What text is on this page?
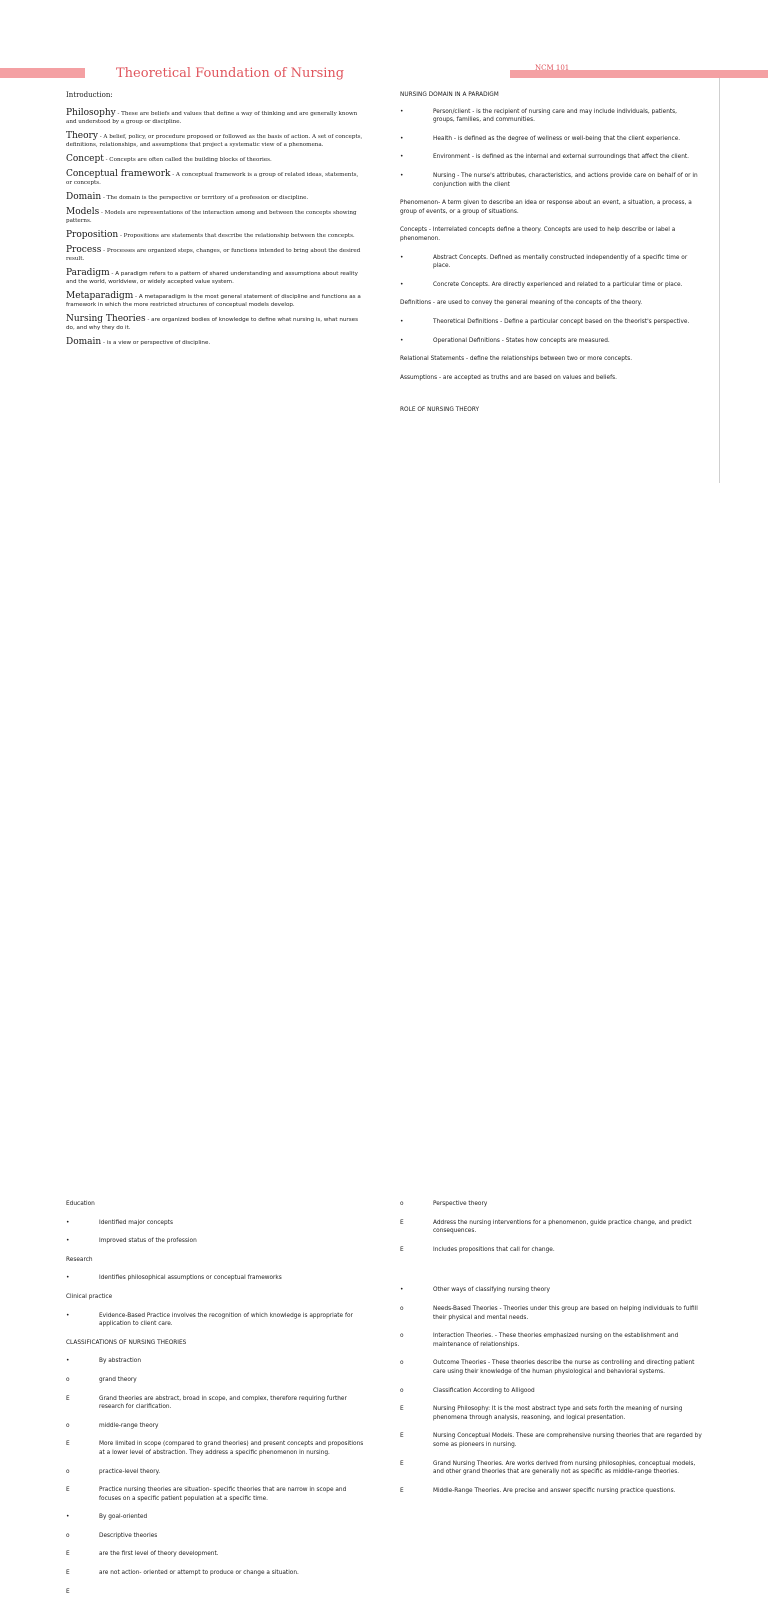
Theoretical Foundation of Nursing	NCM 101

Introduction:

Philosophy - These are beliefs and values that define a way of thinking and are generally known and understood by a group or discipline.

Theory - A belief, policy, or procedure proposed or followed as the basis of action. A set of concepts, definitions, relationships, and assumptions that project a systematic view of a phenomena.

Concept - Concepts are often called the building blocks of theories.

Conceptual framework - A conceptual framework is a group of related ideas, statements, or concepts.

Domain - The domain is the perspective or territory of a profession or discipline.

Models - Models are representations of the interaction among and between the concepts showing patterns.

Proposition - Propositions are statements that describe the relationship between the concepts.

Process - Processes are organized steps, changes, or functions intended to bring about the desired result.

Paradigm - A paradigm refers to a pattern of shared understanding and assumptions about reality and the world, worldview, or widely accepted value system.

Metaparadigm - A metaparadigm is the most general statement of discipline and functions as a framework in which the more restricted structures of conceptual models develop.

Nursing Theories - are organized bodies of knowledge to define what nursing is, what nurses do, and why they do it.

Domain - is a view or perspective of discipline.

NURSING DOMAIN IN A PARADIGM

•	Person/client - is the recipient of nursing care and may include individuals, patients, groups, families, and communities.
•	Health - is defined as the degree of wellness or well-being that the client experience.
•	Environment - is defined as the internal and external surroundings that affect the client.
•	Nursing - The nurse's attributes, characteristics, and actions provide care on behalf of or in conjunction with the client

Phenomenon- A term given to describe an idea or response about an event, a situation, a process, a group of events, or a group of situations.

Concepts - Interrelated concepts define a theory. Concepts are used to help describe or label a phenomenon.

•	Abstract Concepts. Defined as mentally constructed independently of a specific time or place.
•	Concrete Concepts. Are directly experienced and related to a particular time or place.

Definitions - are used to convey the general meaning of the concepts of the theory.

•	Theoretical Definitions - Define a particular concept based on the theorist's perspective.
•	Operational Definitions - States how concepts are measured.

Relational Statements - define the relationships between two or more concepts.

Assumptions - are accepted as truths and are based on values and beliefs.

ROLE OF NURSING THEORY

Education
•	Identified major concepts
•	Improved status of the profession
Research
•	Identifies philosophical assumptions or conceptual frameworks
Clinical practice
•	Evidence-Based Practice involves the recognition of which knowledge is appropriate for application to client care.
CLASSIFICATIONS OF NURSING THEORIES
•	By abstraction
o	grand theory
E	Grand theories are abstract, broad in scope, and complex, therefore requiring further research for clarification.
o	middle-range theory
E	More limited in scope (compared to grand theories) and present concepts and propositions at a lower level of abstraction. They address a specific phenomenon in nursing.
o	practice-level theory.
E	Practice nursing theories are situation- specific theories that are narrow in scope and focuses on a specific patient population at a specific time.
•	By goal-oriented
o	Descriptive theories
E	are the first level of theory development.
E	are not action- oriented or attempt to produce or change a situation.
E
o	Perspective theory
E	Address the nursing interventions for a phenomenon, guide practice change, and predict consequences.
E	Includes propositions that call for change.
•	Other ways of classifying nursing theory
o	Needs-Based Theories - Theories under this group are based on helping individuals to fulfill their physical and mental needs.
o	Interaction Theories. - These theories emphasized nursing on the establishment and maintenance of relationships.
o	Outcome Theories - These theories describe the nurse as controlling and directing patient care using their knowledge of the human physiological and behavioral systems.
o	Classification According to Alligood
E	Nursing Philosophy: It is the most abstract type and sets forth the meaning of nursing phenomena through analysis, reasoning, and logical presentation.
E	Nursing Conceptual Models. These are comprehensive nursing theories that are regarded by some as pioneers in nursing.
E	Grand Nursing Theories. Are works derived from nursing philosophies, conceptual models, and other grand theories that are generally not as specific as middle-range theories.
E	Middle-Range Theories. Are precise and answer specific nursing practice questions.
